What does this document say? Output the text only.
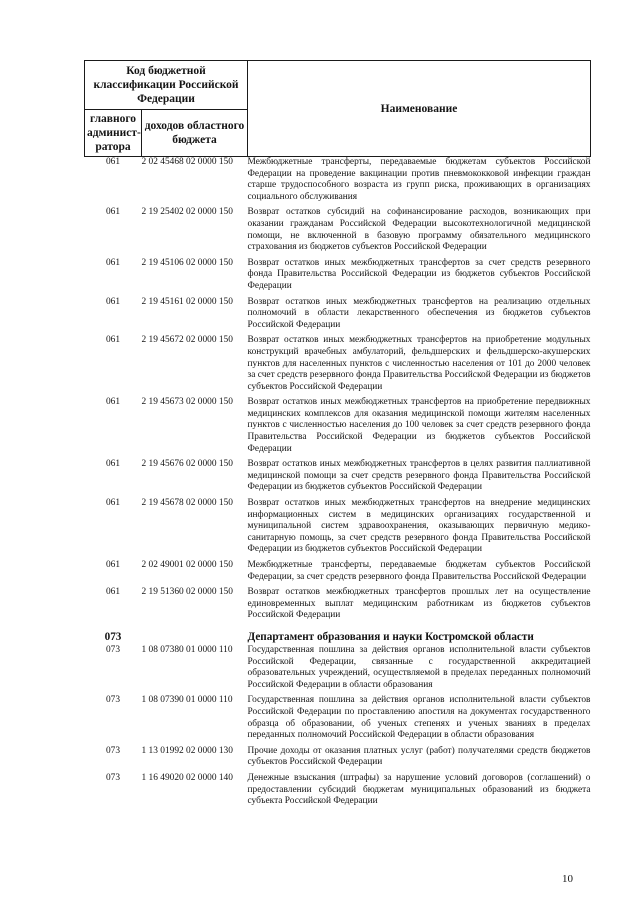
Код бюджетной классификации Российской Федерации		Наименование
главного админист-ратора	доходов областного бюджета	
061	2 02 45468 02 0000 150	Межбюджетные трансферты, передаваемые бюджетам субъектов Российской Федерации на проведение вакцинации против пневмококковой инфекции граждан старше трудоспособного возраста из групп риска, проживающих в организациях социального обслуживания
061	2 19 25402 02 0000 150	Возврат остатков субсидий на софинансирование расходов, возникающих при оказании гражданам Российской Федерации высокотехнологичной медицинской помощи, не включенной в базовую программу обязательного медицинского страхования из бюджетов субъектов Российской Федерации
061	2 19 45106 02 0000 150	Возврат остатков иных межбюджетных трансфертов за счет средств резервного фонда Правительства Российской Федерации из бюджетов субъектов Российской Федерации
061	2 19 45161 02 0000 150	Возврат остатков иных межбюджетных трансфертов на реализацию отдельных полномочий в области лекарственного обеспечения из бюджетов субъектов Российской Федерации
061	2 19 45672 02 0000 150	Возврат остатков иных межбюджетных трансфертов на приобретение модульных конструкций врачебных амбулаторий, фельдшерских и фельдшерско-акушерских пунктов для населенных пунктов с численностью населения от 101 до 2000 человек за счет средств резервного фонда Правительства Российской Федерации из бюджетов субъектов Российской Федерации
061	2 19 45673 02 0000 150	Возврат остатков иных межбюджетных трансфертов на приобретение передвижных медицинских комплексов для оказания медицинской помощи жителям населенных пунктов с численностью населения до 100 человек за счет средств резервного фонда Правительства Российской Федерации из бюджетов субъектов Российской Федерации
061	2 19 45676 02 0000 150	Возврат остатков иных межбюджетных трансфертов в целях развития паллиативной медицинской помощи за счет средств резервного фонда Правительства Российской Федерации из бюджетов субъектов Российской Федерации
061	2 19 45678 02 0000 150	Возврат остатков иных межбюджетных трансфертов на внедрение медицинских информационных систем в медицинских организациях государственной и муниципальной систем здравоохранения, оказывающих первичную медико-санитарную помощь, за счет средств резервного фонда Правительства Российской Федерации из бюджетов субъектов Российской Федерации
061	2 02 49001 02 0000 150	Межбюджетные трансферты, передаваемые бюджетам субъектов Российской Федерации, за счет средств резервного фонда Правительства Российской Федерации
061	2 19 51360 02 0000 150	Возврат остатков межбюджетных трансфертов прошлых лет на осуществление единовременных выплат медицинским работникам из бюджетов субъектов Российской Федерации
073		Департамент образования и науки Костромской области
073	1 08 07380 01 0000 110	Государственная пошлина за действия органов исполнительной власти субъектов Российской Федерации, связанные с государственной аккредитацией образовательных учреждений, осуществляемой в пределах переданных полномочий Российской Федерации в области образования
073	1 08 07390 01 0000 110	Государственная пошлина за действия органов исполнительной власти субъектов Российской Федерации по проставлению апостиля на документах государственного образца об образовании, об ученых степенях и ученых званиях в пределах переданных полномочий Российской Федерации в области образования
073	1 13 01992 02 0000 130	Прочие доходы от оказания платных услуг (работ) получателями средств бюджетов субъектов Российской Федерации
073	1 16 49020 02 0000 140	Денежные взыскания (штрафы) за нарушение условий договоров (соглашений) о предоставлении субсидий бюджетам муниципальных образований из бюджета субъекта Российской Федерации
10
